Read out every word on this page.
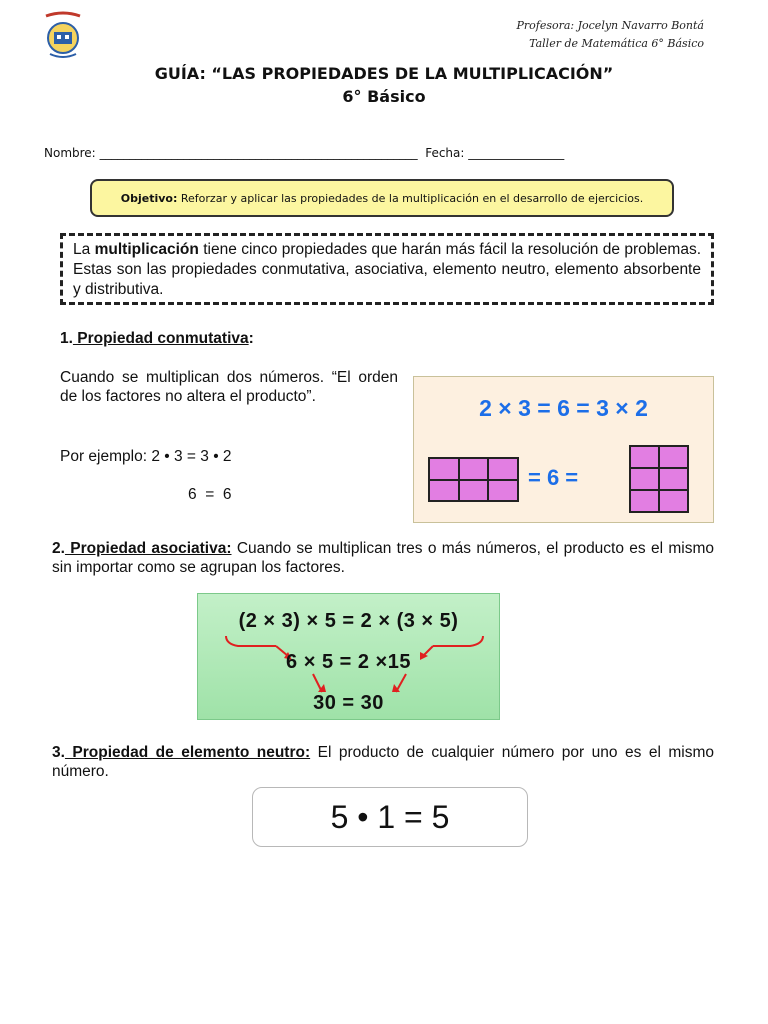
Profesora: Jocelyn Navarro Bontá
Taller de Matemática 6° Básico
GUÍA: “LAS PROPIEDADES DE LA MULTIPLICACIÓN”
6° Básico
Nombre: _____________________________________________________ Fecha: ________________
Objetivo: Reforzar y aplicar las propiedades de la multiplicación en el desarrollo de ejercicios.
La multiplicación tiene cinco propiedades que harán más fácil la resolución de problemas. Estas son las propiedades conmutativa, asociativa, elemento neutro, elemento absorbente y distributiva.
1. Propiedad conmutativa:
Cuando se multiplican dos números. “El orden de los factores no altera el producto”.
Por ejemplo: 2 • 3 = 3 • 2
6  =  6
2 × 3 = 6 = 3 × 2
= 6 =
2. Propiedad asociativa: Cuando se multiplican tres o más números, el producto es el mismo sin importar como se agrupan los factores.
(2 × 3) × 5 = 2 × (3 × 5)
6 × 5 = 2 ×15
30 = 30
3. Propiedad de elemento neutro: El producto de cualquier número por uno es el mismo número.
5 • 1 = 5
